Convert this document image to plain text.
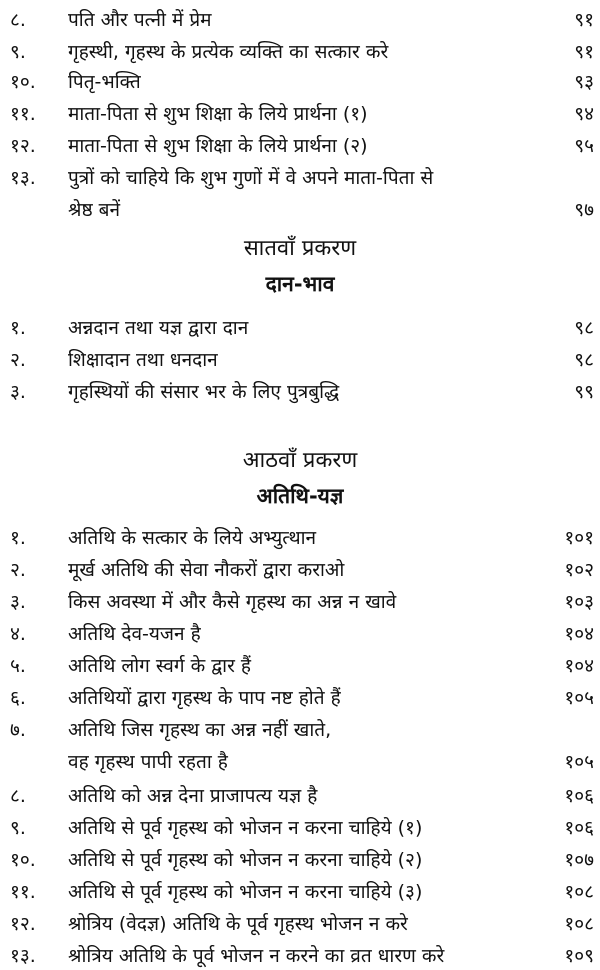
८. पति और पत्नी में प्रेम	९१
९. गृहस्थी, गृहस्थ के प्रत्येक व्यक्ति का सत्कार करे	९१
१०. पितृ-भक्ति	९३
११. माता-पिता से शुभ शिक्षा के लिये प्रार्थना (१)	९४
१२. माता-पिता से शुभ शिक्षा के लिये प्रार्थना (२)	९५
१३. पुत्रों को चाहिये कि शुभ गुणों में वे अपने माता-पिता से
श्रेष्ठ बनें	९७
सातवाँ प्रकरण
दान-भाव
१. अन्नदान तथा यज्ञ द्वारा दान	९८
२. शिक्षादान तथा धनदान	९८
३. गृहस्थियों की संसार भर के लिए पुत्रबुद्धि	९९
आठवाँ प्रकरण
अतिथि-यज्ञ
१. अतिथि के सत्कार के लिये अभ्युत्थान	१०१
२. मूर्ख अतिथि की सेवा नौकरों द्वारा कराओ	१०२
३. किस अवस्था में और कैसे गृहस्थ का अन्न न खावे	१०३
४. अतिथि देव-यजन है	१०४
५. अतिथि लोग स्वर्ग के द्वार हैं	१०४
६. अतिथियों द्वारा गृहस्थ के पाप नष्ट होते हैं	१०५
७. अतिथि जिस गृहस्थ का अन्न नहीं खाते,
वह गृहस्थ पापी रहता है	१०५
८. अतिथि को अन्न देना प्राजापत्य यज्ञ है	१०६
९. अतिथि से पूर्व गृहस्थ को भोजन न करना चाहिये (१)	१०६
१०. अतिथि से पूर्व गृहस्थ को भोजन न करना चाहिये (२)	१०७
११. अतिथि से पूर्व गृहस्थ को भोजन न करना चाहिये (३)	१०८
१२. श्रोत्रिय (वेदज्ञ) अतिथि के पूर्व गृहस्थ भोजन न करे	१०८
१३. श्रोत्रिय अतिथि के पूर्व भोजन न करने का व्रत धारण करे	१०९
